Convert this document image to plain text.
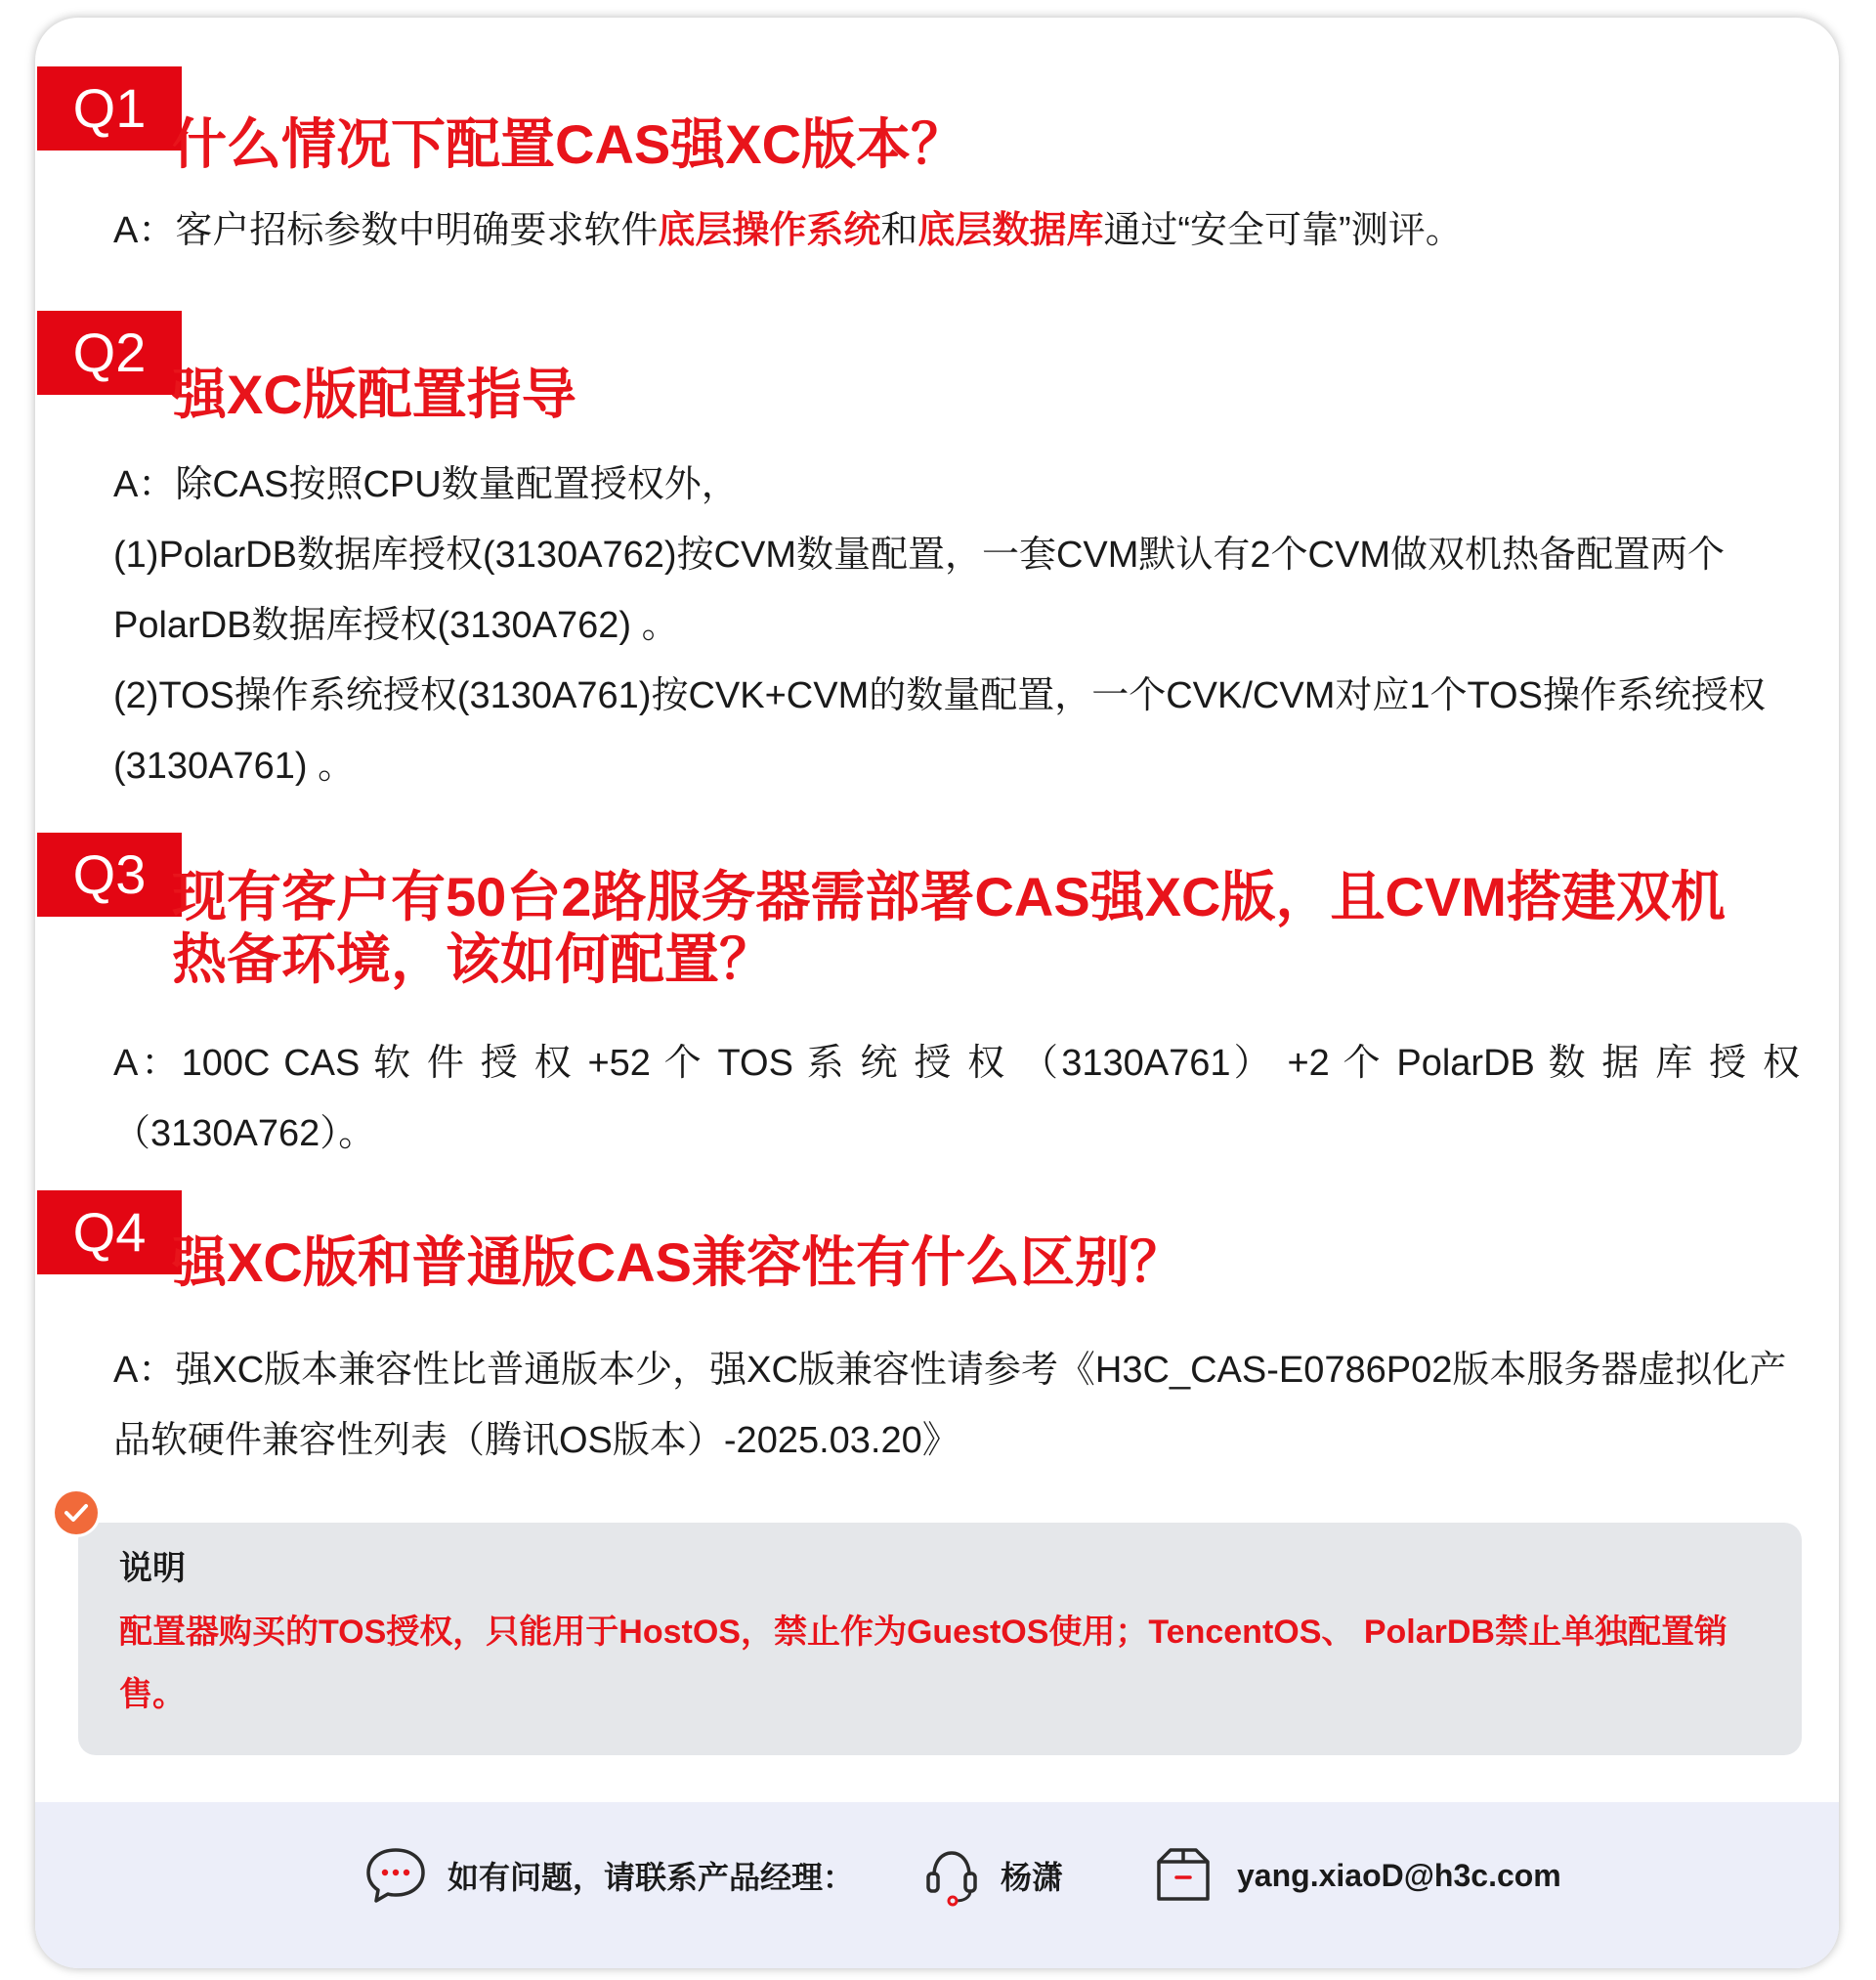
Q1
什么情况下配置CAS强XC版本？
A：客户招标参数中明确要求软件底层操作系统和底层数据库通过“安全可靠”测评。
Q2
强XC版配置指导

A：除CAS按照CPU数量配置授权外，

(1)PolarDB数据库授权(3130A762)按CVM数量配置，一套CVM默认有2个CVM做双机热备配置两个PolarDB数据库授权(3130A762) 。

(2)TOS操作系统授权(3130A761)按CVK+CVM的数量配置，一个CVK/CVM对应1个TOS操作系统授权(3130A761) 。

Q3 现有客户有50台2路服务器需部署CAS强XC版，且CVM搭建双机
热备环境，该如何配置？

A：100C CAS 软 件 授 权 +52 个 TOS 系 统 授 权 （3130A761） +2 个 PolarDB 数 据 库 授 权

（3130A762）。

Q4 强XC版和普通版CAS兼容性有什么区别？

A：强XC版本兼容性比普通版本少，强XC版兼容性请参考《H3C_CAS-E0786P02版本服务器虚拟化产品软硬件兼容性列表（腾讯OS版本）-2025.03.20》

说明
配置器购买的TOS授权，只能用于HostOS，禁止作为GuestOS使用；TencentOS、 PolarDB禁止单独配置销售。
如有问题，请联系产品经理：	杨潇	yang.xiaoD@h3c.com
